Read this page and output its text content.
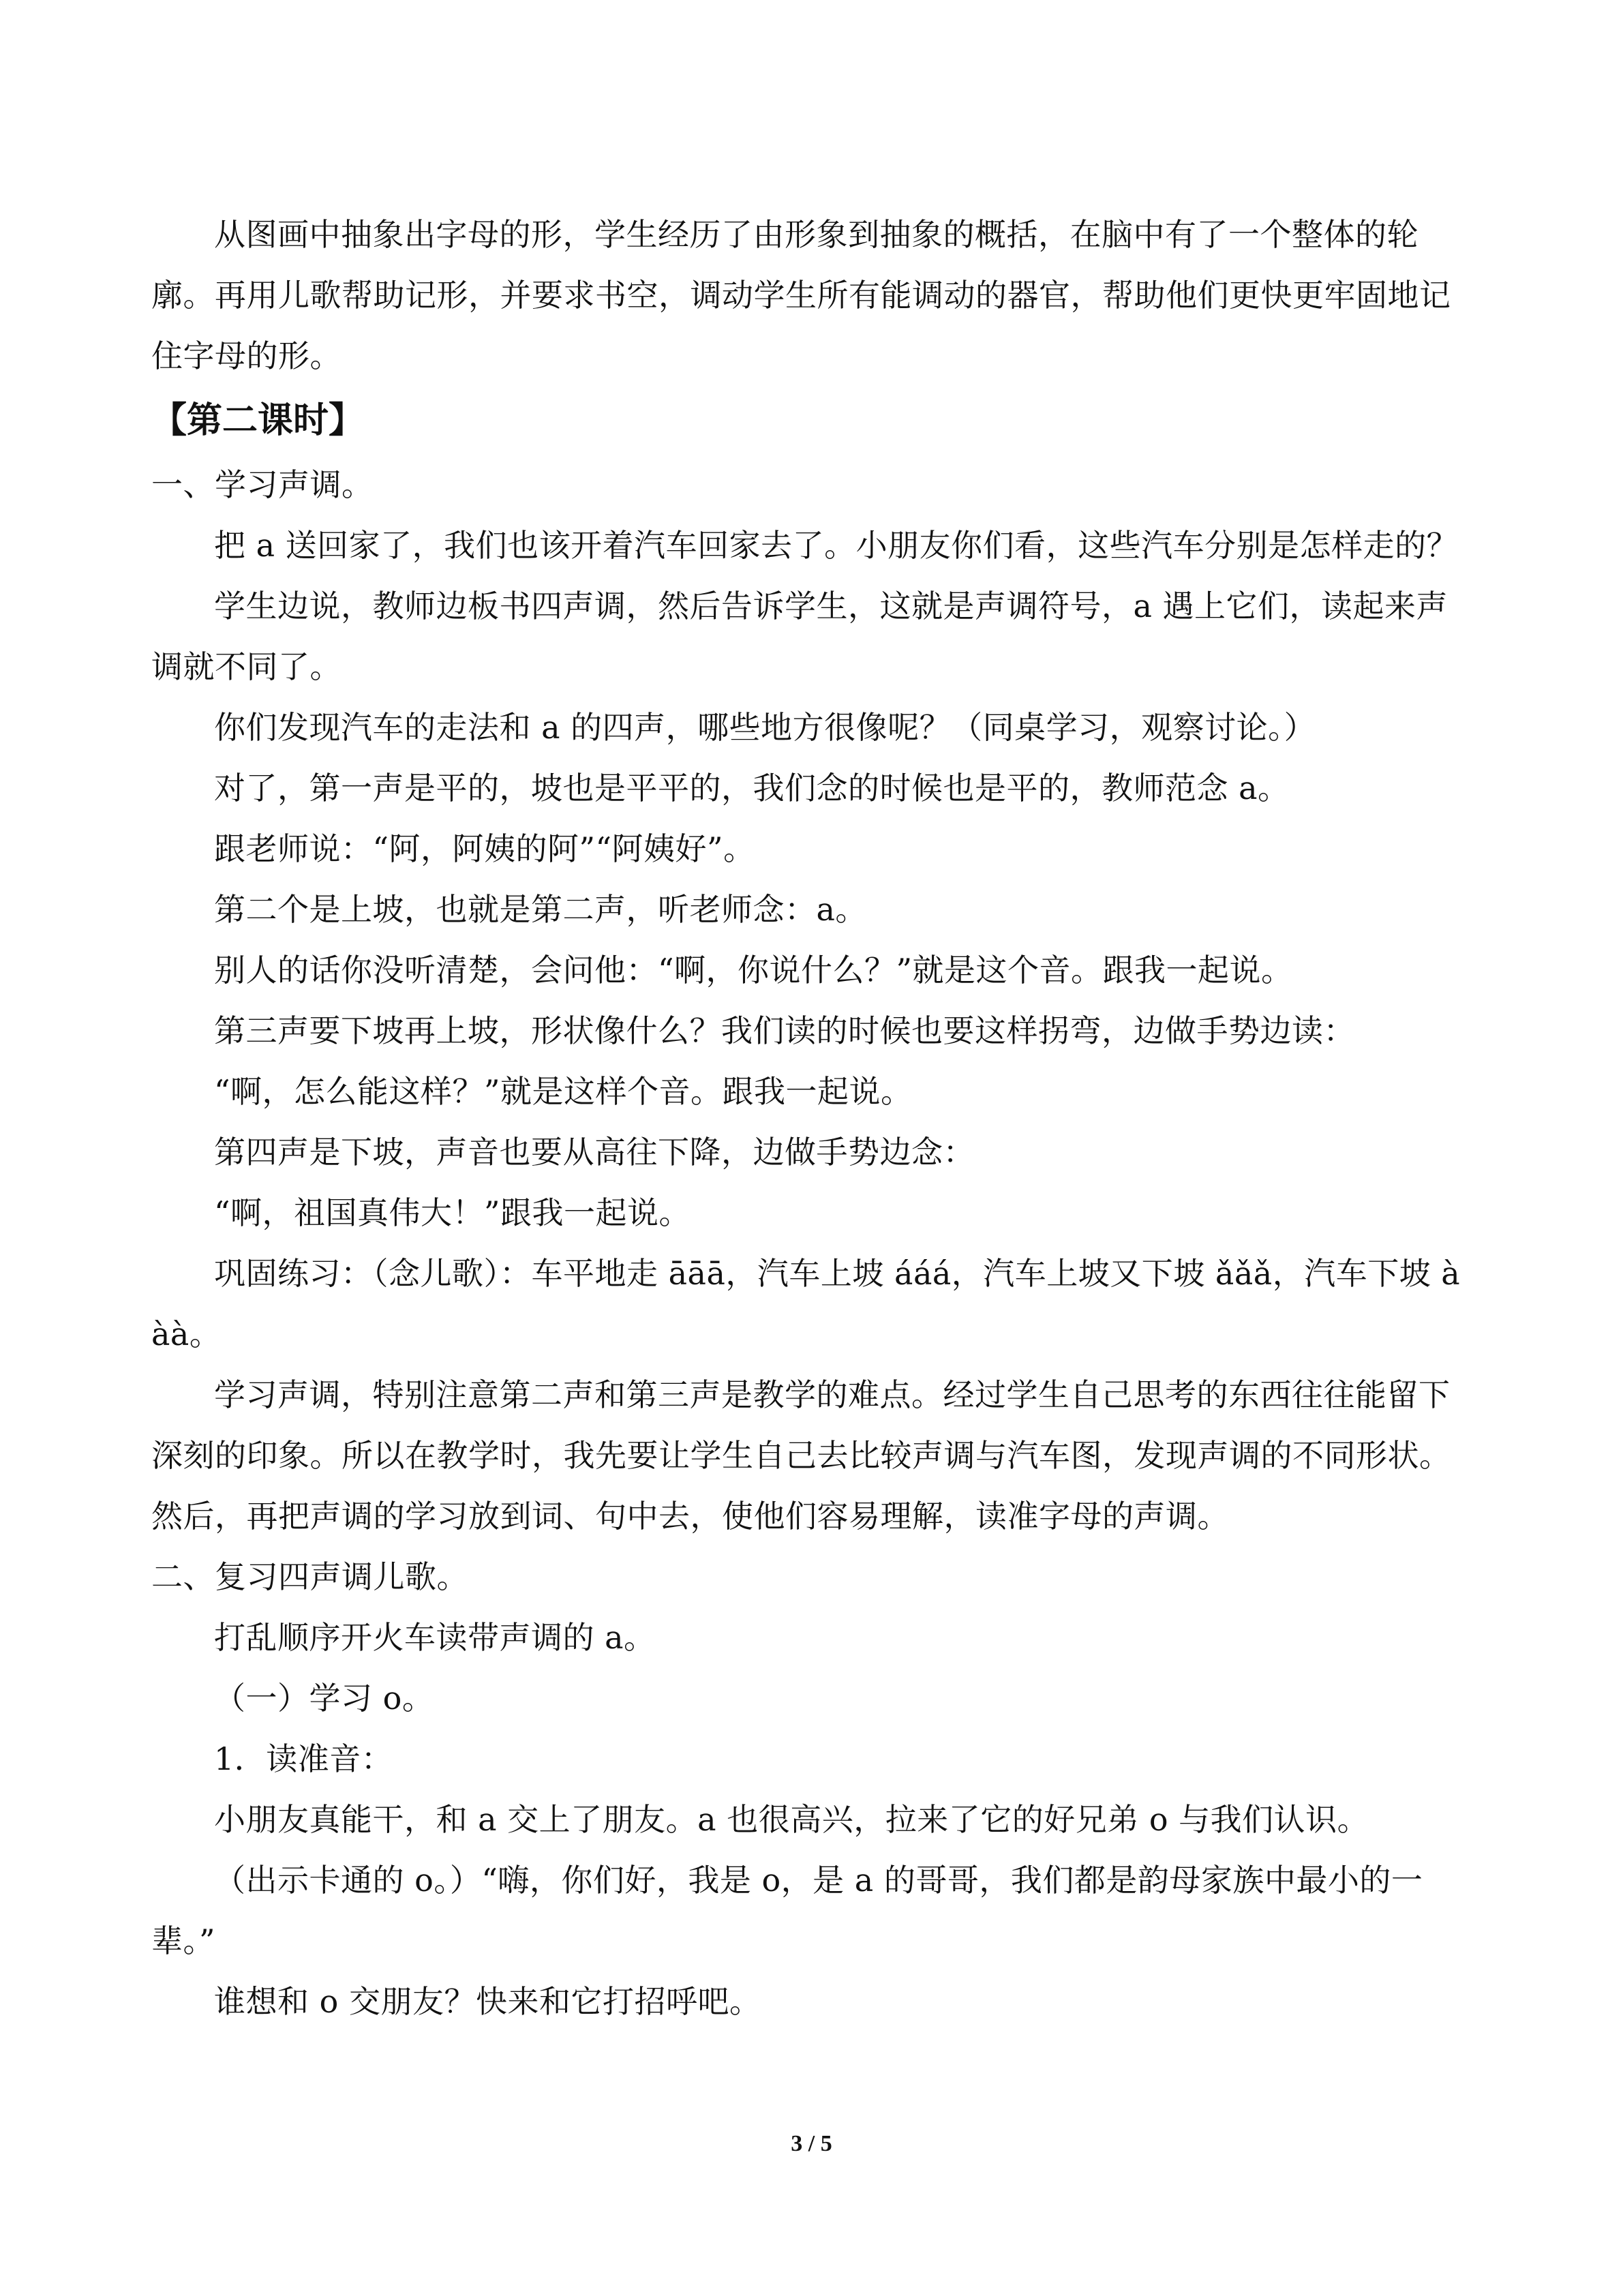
从图画中抽象出字母的形，学生经历了由形象到抽象的概括，在脑中有了一个整体的轮廓。再用儿歌帮助记形，并要求书空，调动学生所有能调动的器官，帮助他们更快更牢固地记住字母的形。

【第二课时】

一、学习声调。

把 a 送回家了，我们也该开着汽车回家去了。小朋友你们看，这些汽车分别是怎样走的？

学生边说，教师边板书四声调，然后告诉学生，这就是声调符号，a 遇上它们，读起来声调就不同了。

你们发现汽车的走法和 a 的四声，哪些地方很像呢？（同桌学习，观察讨论。）

对了，第一声是平的，坡也是平平的，我们念的时候也是平的，教师范念 a。

跟老师说：“阿，阿姨的阿”“阿姨好”。

第二个是上坡，也就是第二声，听老师念：a。

别人的话你没听清楚，会问他：“啊，你说什么？”就是这个音。跟我一起说。

第三声要下坡再上坡，形状像什么？我们读的时候也要这样拐弯，边做手势边读：

“啊，怎么能这样？”就是这样个音。跟我一起说。

第四声是下坡，声音也要从高往下降，边做手势边念：

“啊，祖国真伟大！”跟我一起说。

巩固练习：（念儿歌）：车平地走 āāā，汽车上坡 ááá，汽车上坡又下坡 ǎǎǎ，汽车下坡 ààà。

学习声调，特别注意第二声和第三声是教学的难点。经过学生自己思考的东西往往能留下深刻的印象。所以在教学时，我先要让学生自己去比较声调与汽车图，发现声调的不同形状。然后，再把声调的学习放到词、句中去，使他们容易理解，读准字母的声调。

二、复习四声调儿歌。

打乱顺序开火车读带声调的 a。

（一）学习 o。

1．读准音：

小朋友真能干，和 a 交上了朋友。a 也很高兴，拉来了它的好兄弟 o 与我们认识。

（出示卡通的 o。）“嗨，你们好，我是 o，是 a 的哥哥，我们都是韵母家族中最小的一辈。”

谁想和 o 交朋友？快来和它打招呼吧。

3 / 5
